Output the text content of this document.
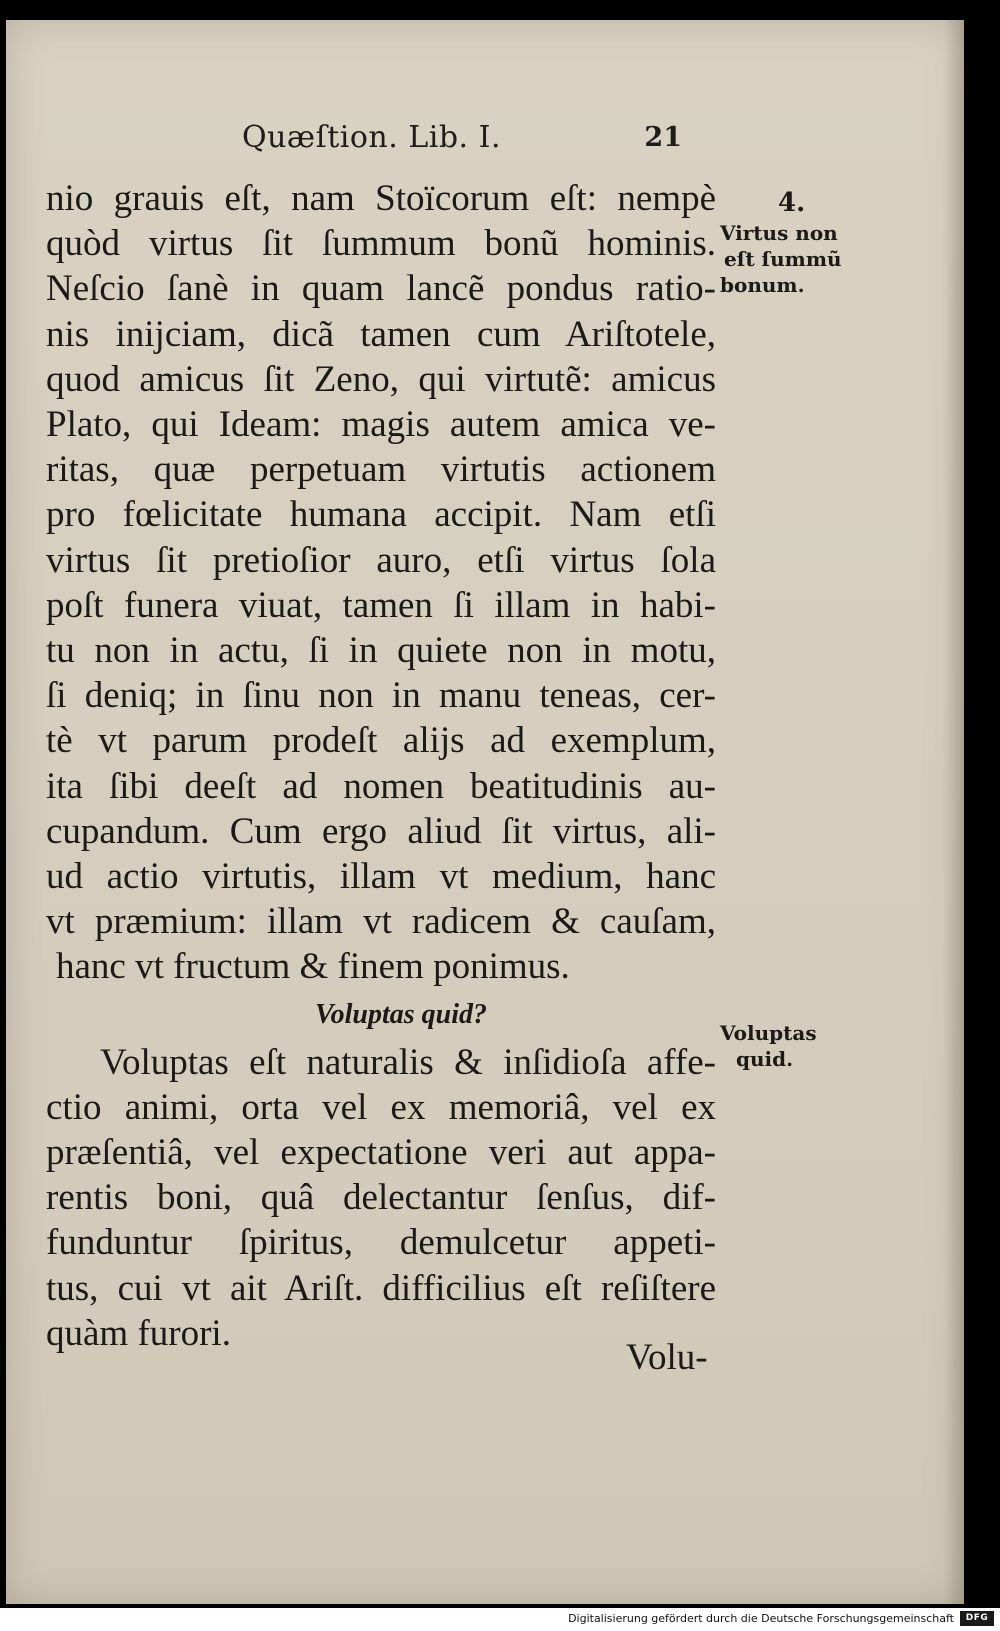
Quæſtion. Lib. I.	21
4.
Virtus non
eſt ſummũ
bonum.
Voluptas
quid.
nio grauis eſt, nam Stoïcorum eſt: nempè
quòd virtus ſit ſummum bonũ hominis.
Neſcio ſanè in quam lancẽ pondus ratio-
nis inijciam, dicã tamen cum Ariſtotele,
quod amicus ſit Zeno, qui virtutẽ: amicus
Plato, qui Ideam: magis autem amica ve-
ritas, quæ perpetuam virtutis actionem
pro fœlicitate humana accipit. Nam etſi
virtus ſit pretioſior auro, etſi virtus ſola
poſt funera viuat, tamen ſi illam in habi-
tu non in actu, ſi in quiete non in motu,
ſi deniq; in ſinu non in manu teneas, cer-
tè vt parum prodeſt alijs ad exemplum,
ita ſibi deeſt ad nomen beatitudinis au-
cupandum. Cum ergo aliud ſit virtus, ali-
ud actio virtutis, illam vt medium, hanc
vt præmium: illam vt radicem & cauſam,
hanc vt fructum & finem ponimus.
Voluptas quid?
Voluptas eſt naturalis & inſidioſa affe-
ctio animi, orta vel ex memoriâ, vel ex
præſentiâ, vel expectatione veri aut appa-
rentis boni, quâ delectantur ſenſus, dif-
funduntur ſpiritus, demulcetur appeti-
tus, cui vt ait Ariſt. difficilius eſt reſiſtere
quàm furori.
Volu-
Digitalisierung gefördert durch die Deutsche Forschungsgemeinschaft	DFG
